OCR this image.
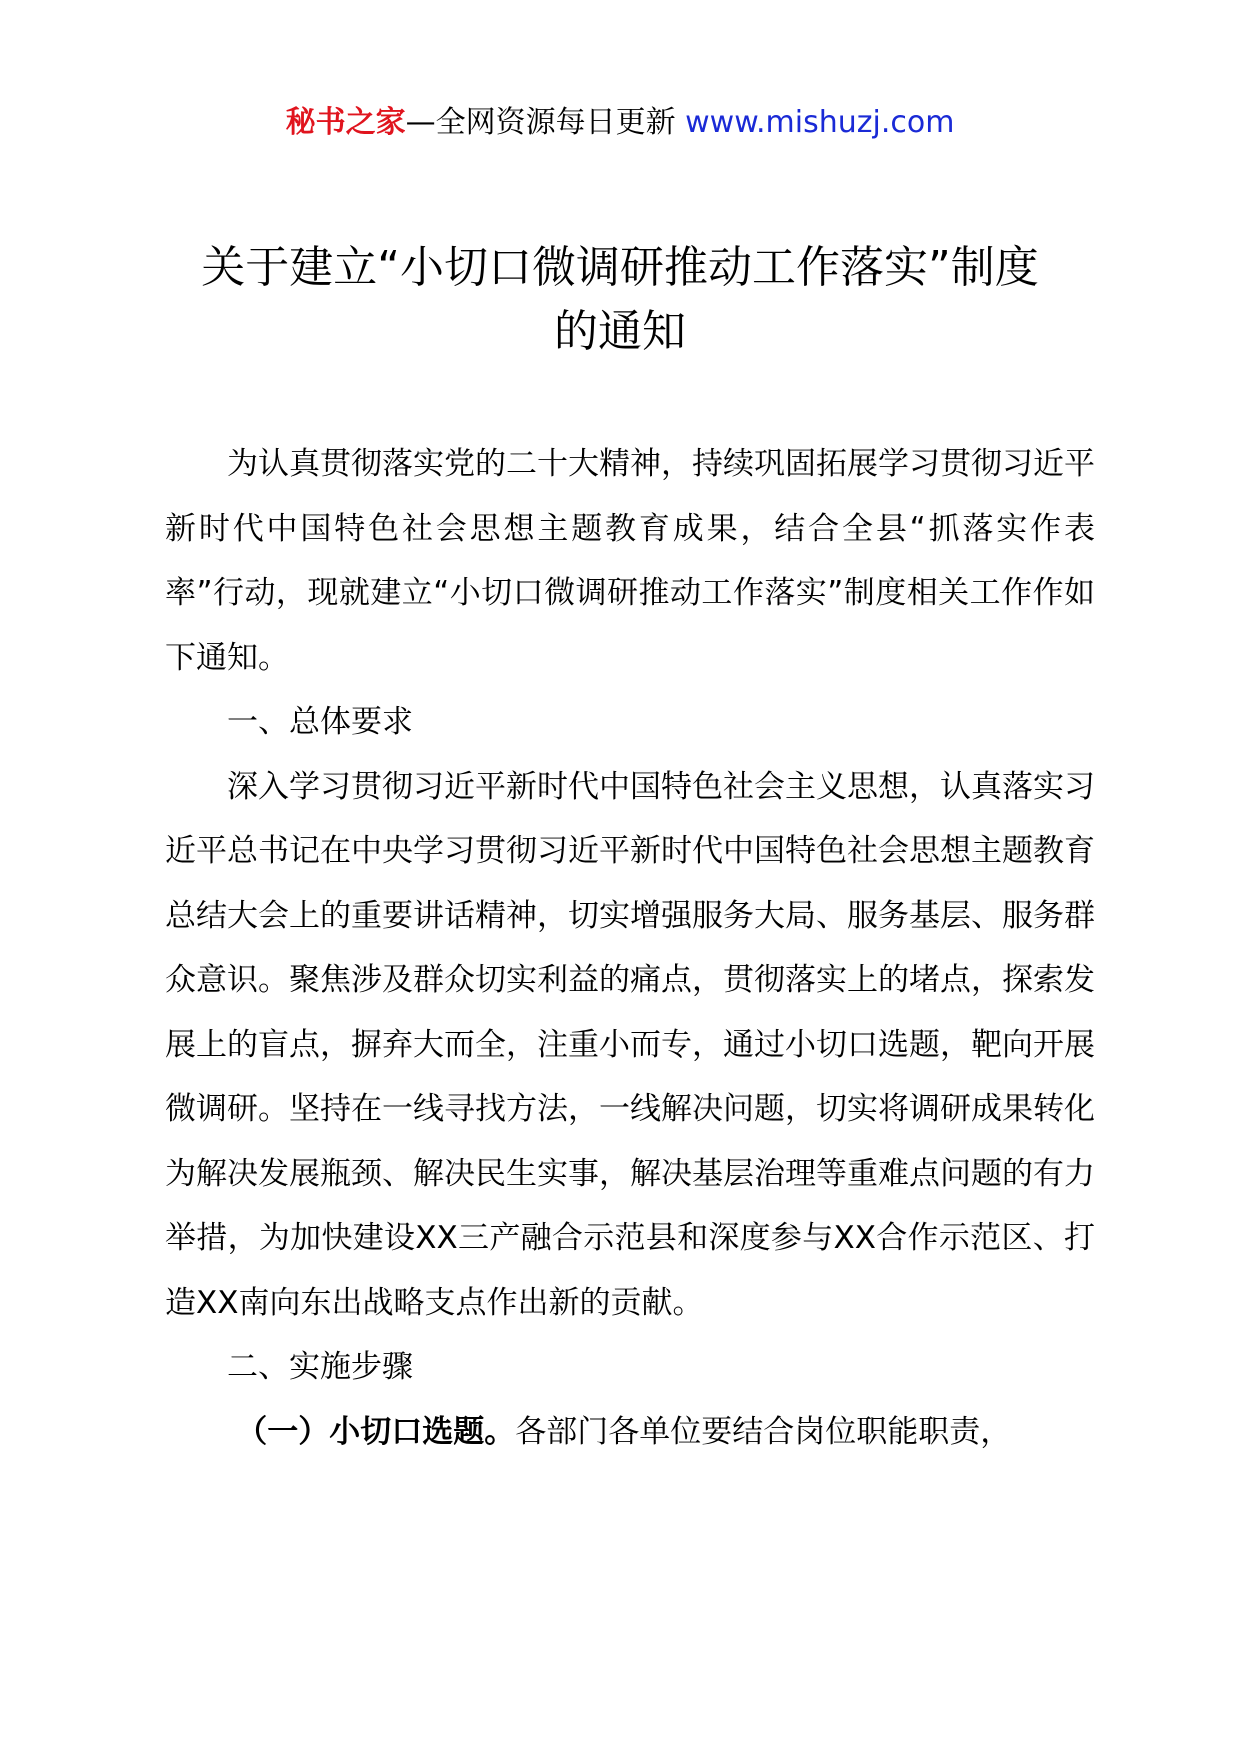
秘书之家—全网资源每日更新 www.mishuzj.com
关于建立“小切口微调研推动工作落实”制度
的通知

为认真贯彻落实党的二十大精神，持续巩固拓展学习贯彻习近平新时代中国特色社会思想主题教育成果，结合全县“抓落实作表率”行动，现就建立“小切口微调研推动工作落实”制度相关工作作如下通知。

一、总体要求

深入学习贯彻习近平新时代中国特色社会主义思想，认真落实习近平总书记在中央学习贯彻习近平新时代中国特色社会思想主题教育总结大会上的重要讲话精神，切实增强服务大局、服务基层、服务群众意识。聚焦涉及群众切实利益的痛点，贯彻落实上的堵点，探索发展上的盲点，摒弃大而全，注重小而专，通过小切口选题，靶向开展微调研。坚持在一线寻找方法，一线解决问题，切实将调研成果转化为解决发展瓶颈、解决民生实事，解决基层治理等重难点问题的有力举措，为加快建设XX三产融合示范县和深度参与XX合作示范区、打造XX南向东出战略支点作出新的贡献。

二、实施步骤

（一）小切口选题。各部门各单位要结合岗位职能职责，
